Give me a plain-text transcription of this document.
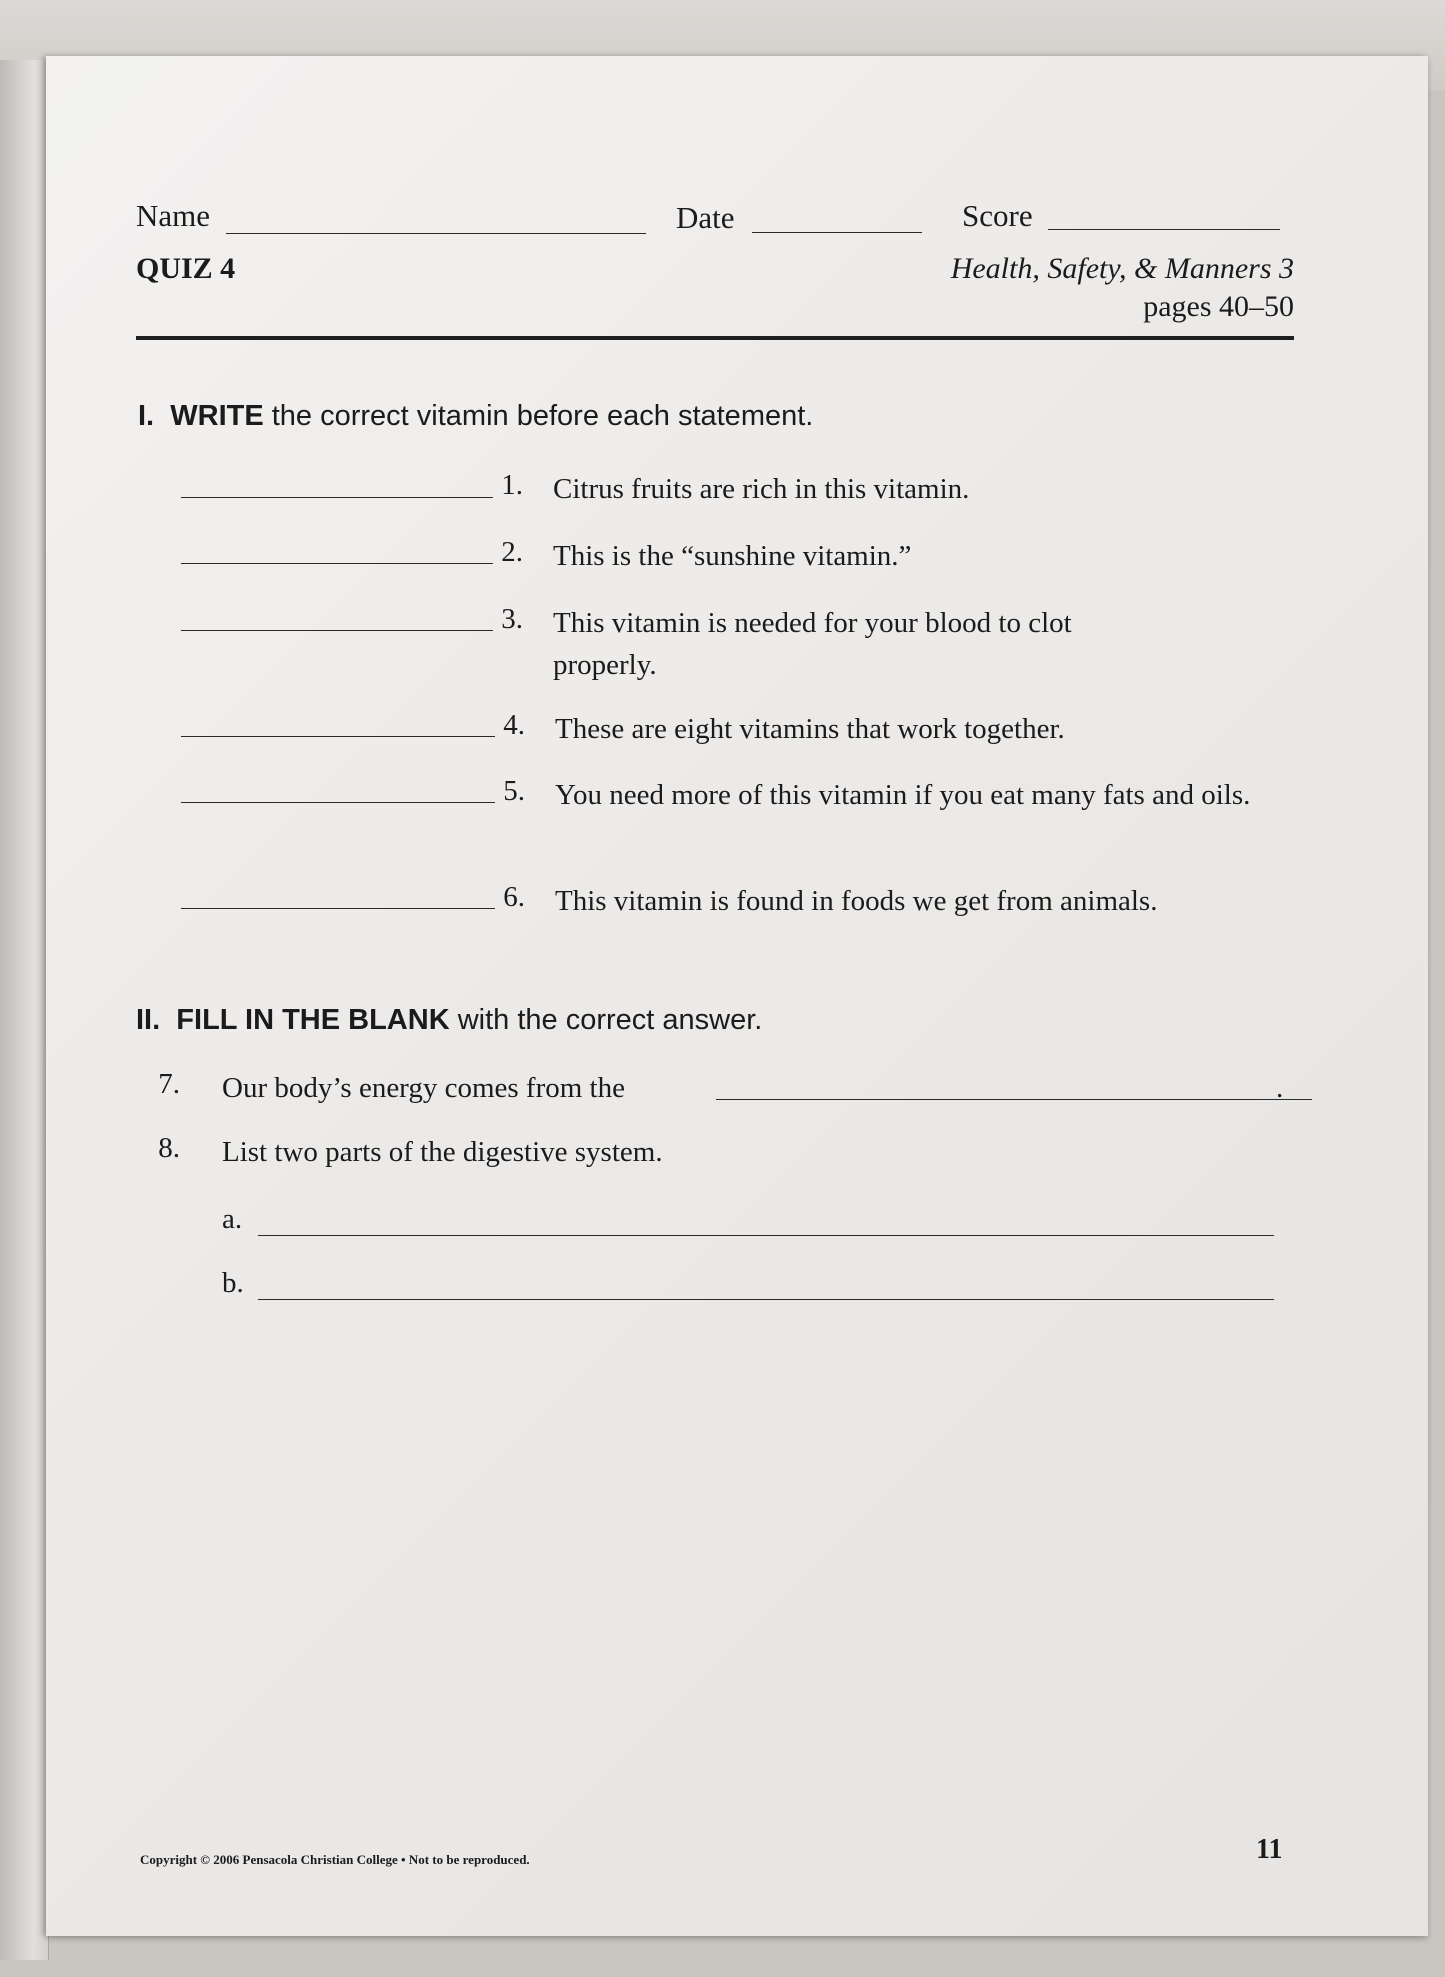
Name	Date	Score
QUIZ 4	Health, Safety, & Manners 3
pages 40–50
I. WRITE the correct vitamin before each statement.
1. Citrus fruits are rich in this vitamin.
2. This is the “sunshine vitamin.”
3. This vitamin is needed for your blood to clot properly.
4. These are eight vitamins that work together.
5. You need more of this vitamin if you eat many fats and oils.
6. This vitamin is found in foods we get from animals.
II. FILL IN THE BLANK with the correct answer.
7. Our body’s energy comes from the	.
8. List two parts of the digestive system.
a.
b.
Copyright © 2006 Pensacola Christian College • Not to be reproduced.	11
